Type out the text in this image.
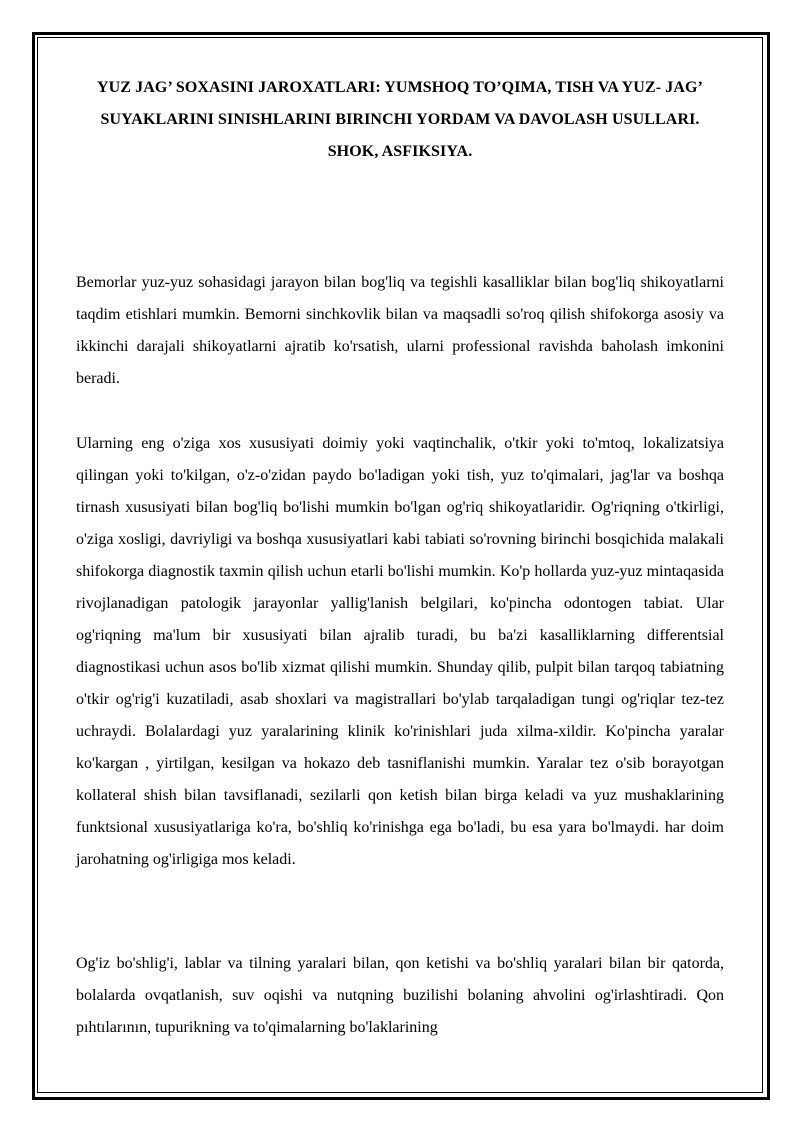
YUZ JAG’ SOXASINI JAROXATLARI: YUMSHOQ TO’QIMA, TISH VA YUZ- JAG’ SUYAKLARINI SINISHLARINI BIRINCHI YORDAM VA DAVOLASH USULLARI. SHOK, ASFIKSIYA.

Bemorlar yuz-yuz sohasidagi jarayon bilan bog'liq va tegishli kasalliklar bilan bog'liq shikoyatlarni taqdim etishlari mumkin. Bemorni sinchkovlik bilan va maqsadli so'roq qilish shifokorga asosiy va ikkinchi darajali shikoyatlarni ajratib ko'rsatish, ularni professional ravishda baholash imkonini beradi.

Ularning eng o'ziga xos xususiyati doimiy yoki vaqtinchalik, o'tkir yoki to'mtoq, lokalizatsiya qilingan yoki to'kilgan, o'z-o'zidan paydo bo'ladigan yoki tish, yuz to'qimalari, jag'lar va boshqa tirnash xususiyati bilan bog'liq bo'lishi mumkin bo'lgan og'riq shikoyatlaridir. Og'riqning o'tkirligi, o'ziga xosligi, davriyligi va boshqa xususiyatlari kabi tabiati so'rovning birinchi bosqichida malakali shifokorga diagnostik taxmin qilish uchun etarli bo'lishi mumkin. Ko'p hollarda yuz-yuz mintaqasida rivojlanadigan patologik jarayonlar yallig'lanish belgilari, ko'pincha odontogen tabiat. Ular og'riqning ma'lum bir xususiyati bilan ajralib turadi, bu ba'zi kasalliklarning differentsial diagnostikasi uchun asos bo'lib xizmat qilishi mumkin. Shunday qilib, pulpit bilan tarqoq tabiatning o'tkir og'rig'i kuzatiladi, asab shoxlari va magistrallari bo'ylab tarqaladigan tungi og'riqlar tez-tez uchraydi. Bolalardagi yuz yaralarining klinik ko'rinishlari juda xilma-xildir. Ko'pincha yaralar ko'kargan , yirtilgan, kesilgan va hokazo deb tasniflanishi mumkin. Yaralar tez o'sib borayotgan kollateral shish bilan tavsiflanadi, sezilarli qon ketish bilan birga keladi va yuz mushaklarining funktsional xususiyatlariga ko'ra, bo'shliq ko'rinishga ega bo'ladi, bu esa yara bo'lmaydi. har doim jarohatning og'irligiga mos keladi.

Og'iz bo'shlig'i, lablar va tilning yaralari bilan, qon ketishi va bo'shliq yaralari bilan bir qatorda, bolalarda ovqatlanish, suv oqishi va nutqning buzilishi bolaning ahvolini og'irlashtiradi. Qon pıhtılarının, tupurikning va to'qimalarning bo'laklarining
